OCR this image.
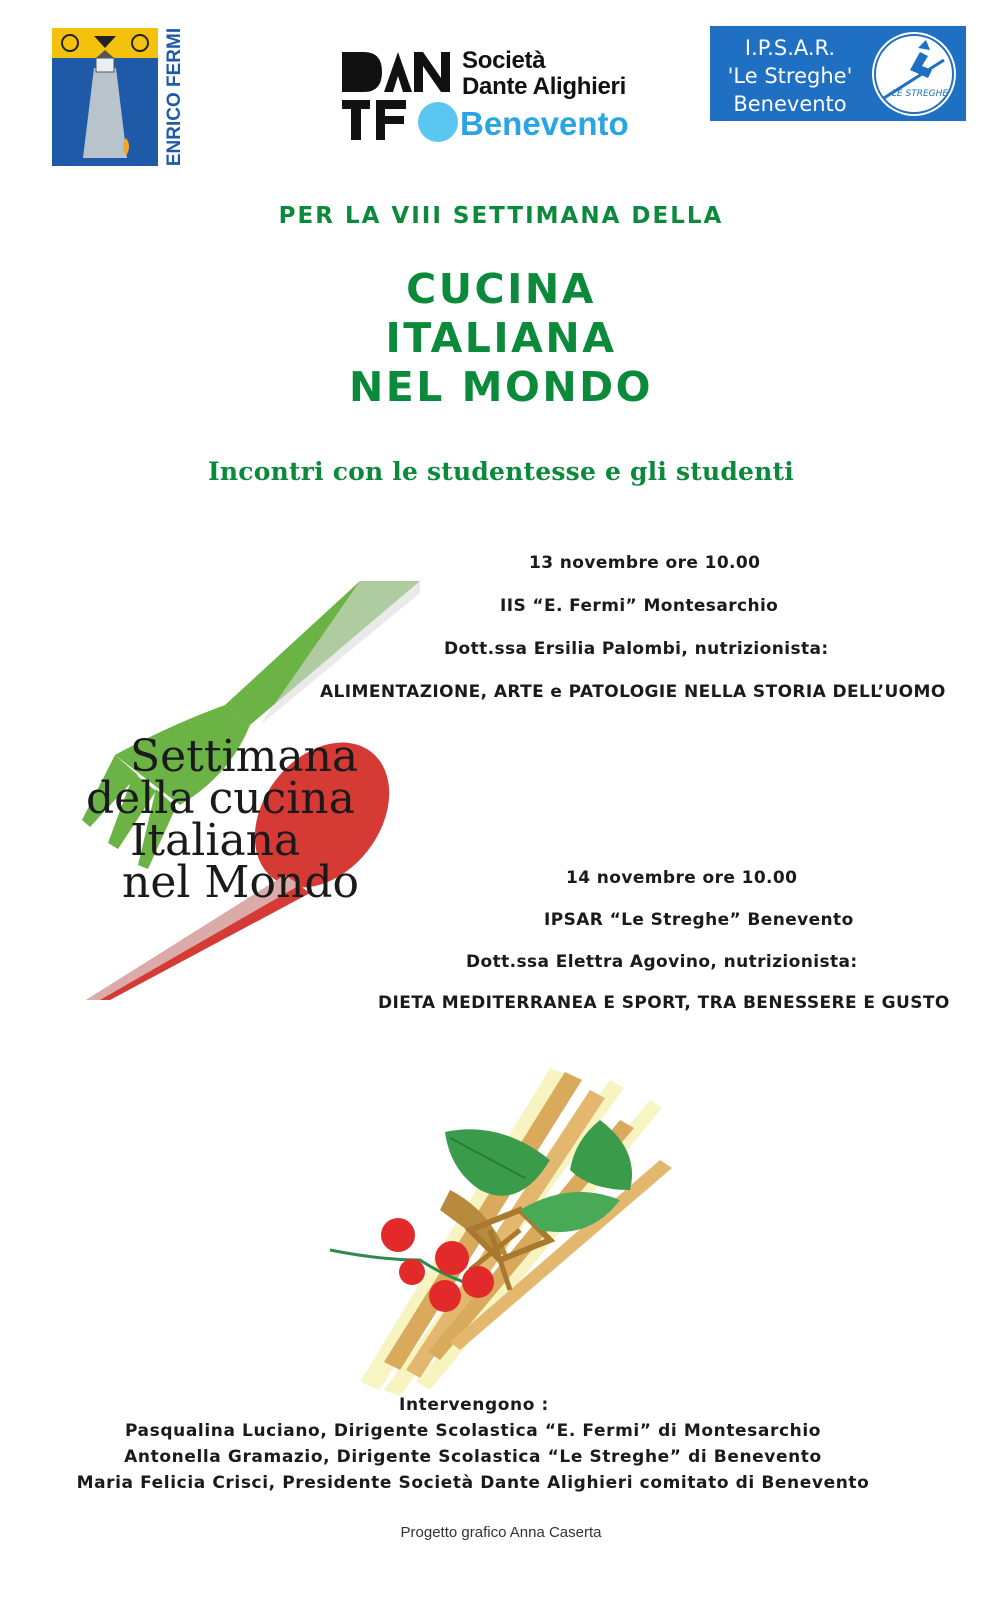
ENRICO FERMI	Società
Dante Alighieri
Benevento
I.P.S.A.R.
'Le Streghe'
Benevento	LE STREGHE
PER LA VIII SETTIMANA DELLA
CUCINA
ITALIANA
NEL MONDO
Incontri con le studentesse e gli studenti
Settimana
della cucina
Italiana
nel Mondo
13 novembre ore 10.00
IIS “E. Fermi” Montesarchio
Dott.ssa Ersilia Palombi, nutrizionista:
ALIMENTAZIONE, ARTE e PATOLOGIE NELLA STORIA DELL’UOMO
14 novembre ore 10.00
IPSAR “Le Streghe” Benevento
Dott.ssa Elettra Agovino, nutrizionista:
DIETA MEDITERRANEA E SPORT, TRA BENESSERE E GUSTO
Intervengono :
Pasqualina Luciano, Dirigente Scolastica “E. Fermi” di Montesarchio
Antonella Gramazio, Dirigente Scolastica “Le Streghe” di Benevento
Maria Felicia Crisci, Presidente Società Dante Alighieri comitato di Benevento
Progetto grafico Anna Caserta
